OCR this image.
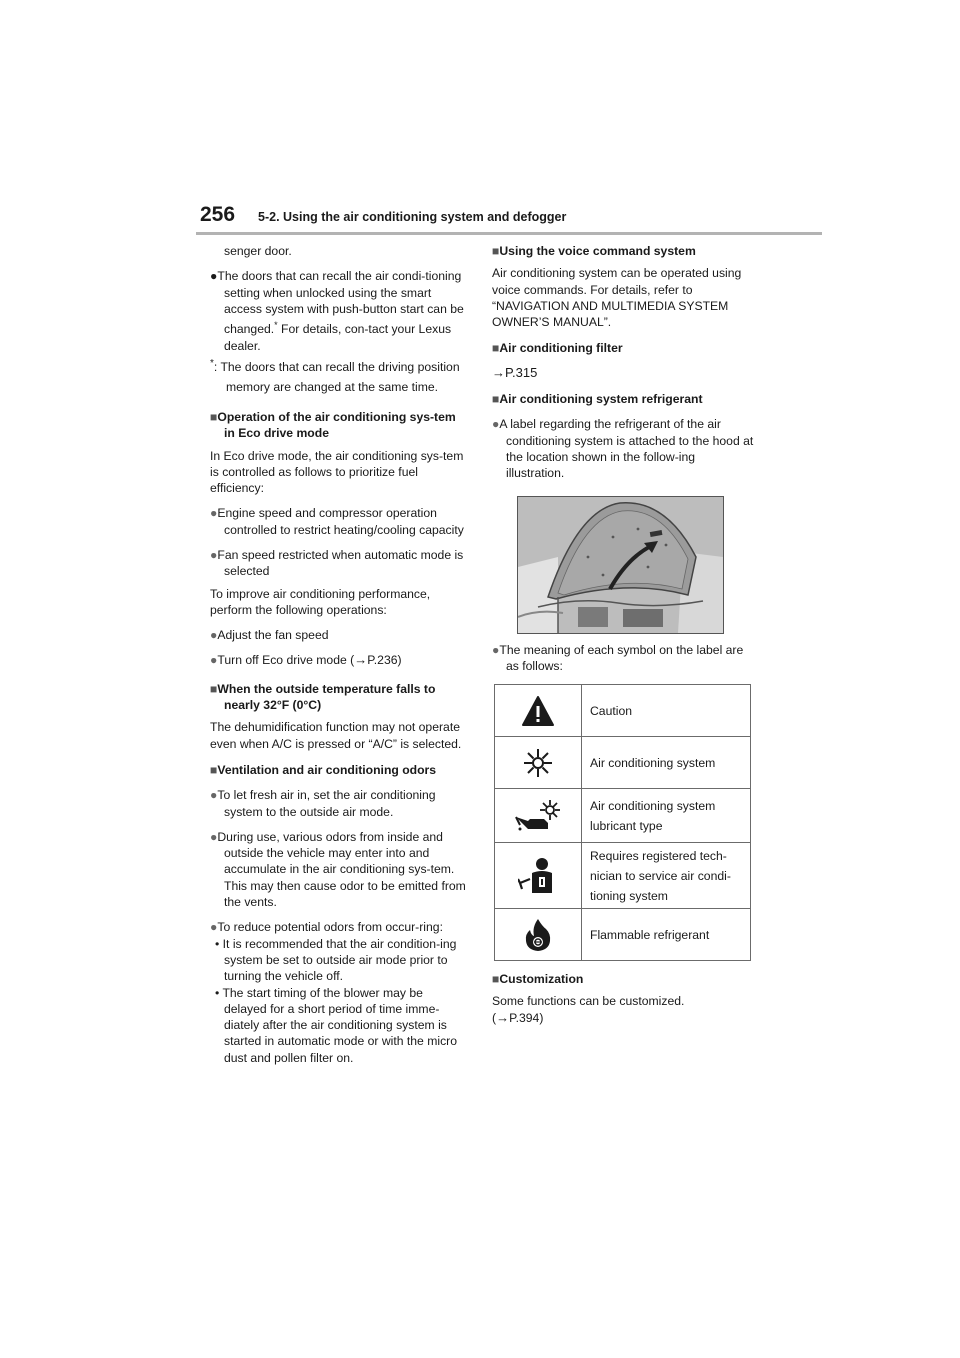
256 5-2. Using the air conditioning system and defogger

senger door.

●The doors that can recall the air condi-tioning setting when unlocked using the smart access system with push-button start can be changed.* For details, con-tact your Lexus dealer.

*: The doors that can recall the driving position memory are changed at the same time.

■Operation of the air conditioning sys-tem in Eco drive mode

In Eco drive mode, the air conditioning sys-tem is controlled as follows to prioritize fuel efficiency:

●Engine speed and compressor operation controlled to restrict heating/cooling capacity

●Fan speed restricted when automatic mode is selected

To improve air conditioning performance, perform the following operations:

●Adjust the fan speed

●Turn off Eco drive mode (→P.236)

■When the outside temperature falls to nearly 32°F (0°C)

The dehumidification function may not operate even when A/C is pressed or “A/C” is selected.

■Ventilation and air conditioning odors

●To let fresh air in, set the air conditioning system to the outside air mode.

●During use, various odors from inside and outside the vehicle may enter into and accumulate in the air conditioning sys-tem. This may then cause odor to be emitted from the vents.

●To reduce potential odors from occur-ring:

• It is recommended that the air condition-ing system be set to outside air mode prior to turning the vehicle off.

• The start timing of the blower may be delayed for a short period of time imme-diately after the air conditioning system is started in automatic mode or with the micro dust and pollen filter on.

■Using the voice command system

Air conditioning system can be operated using voice commands. For details, refer to “NAVIGATION AND MULTIMEDIA SYSTEM OWNER’S MANUAL”.

■Air conditioning filter

→P.315

■Air conditioning system refrigerant

●A label regarding the refrigerant of the air conditioning system is attached to the hood at the location shown in the follow-ing illustration.

●The meaning of each symbol on the label are as follows:

	Caution
	Air conditioning system
	Air conditioning system lubricant type
	Requires registered tech-nician to service air condi-tioning system
	Flammable refrigerant

■Customization

Some functions can be customized.

(→P.394)
